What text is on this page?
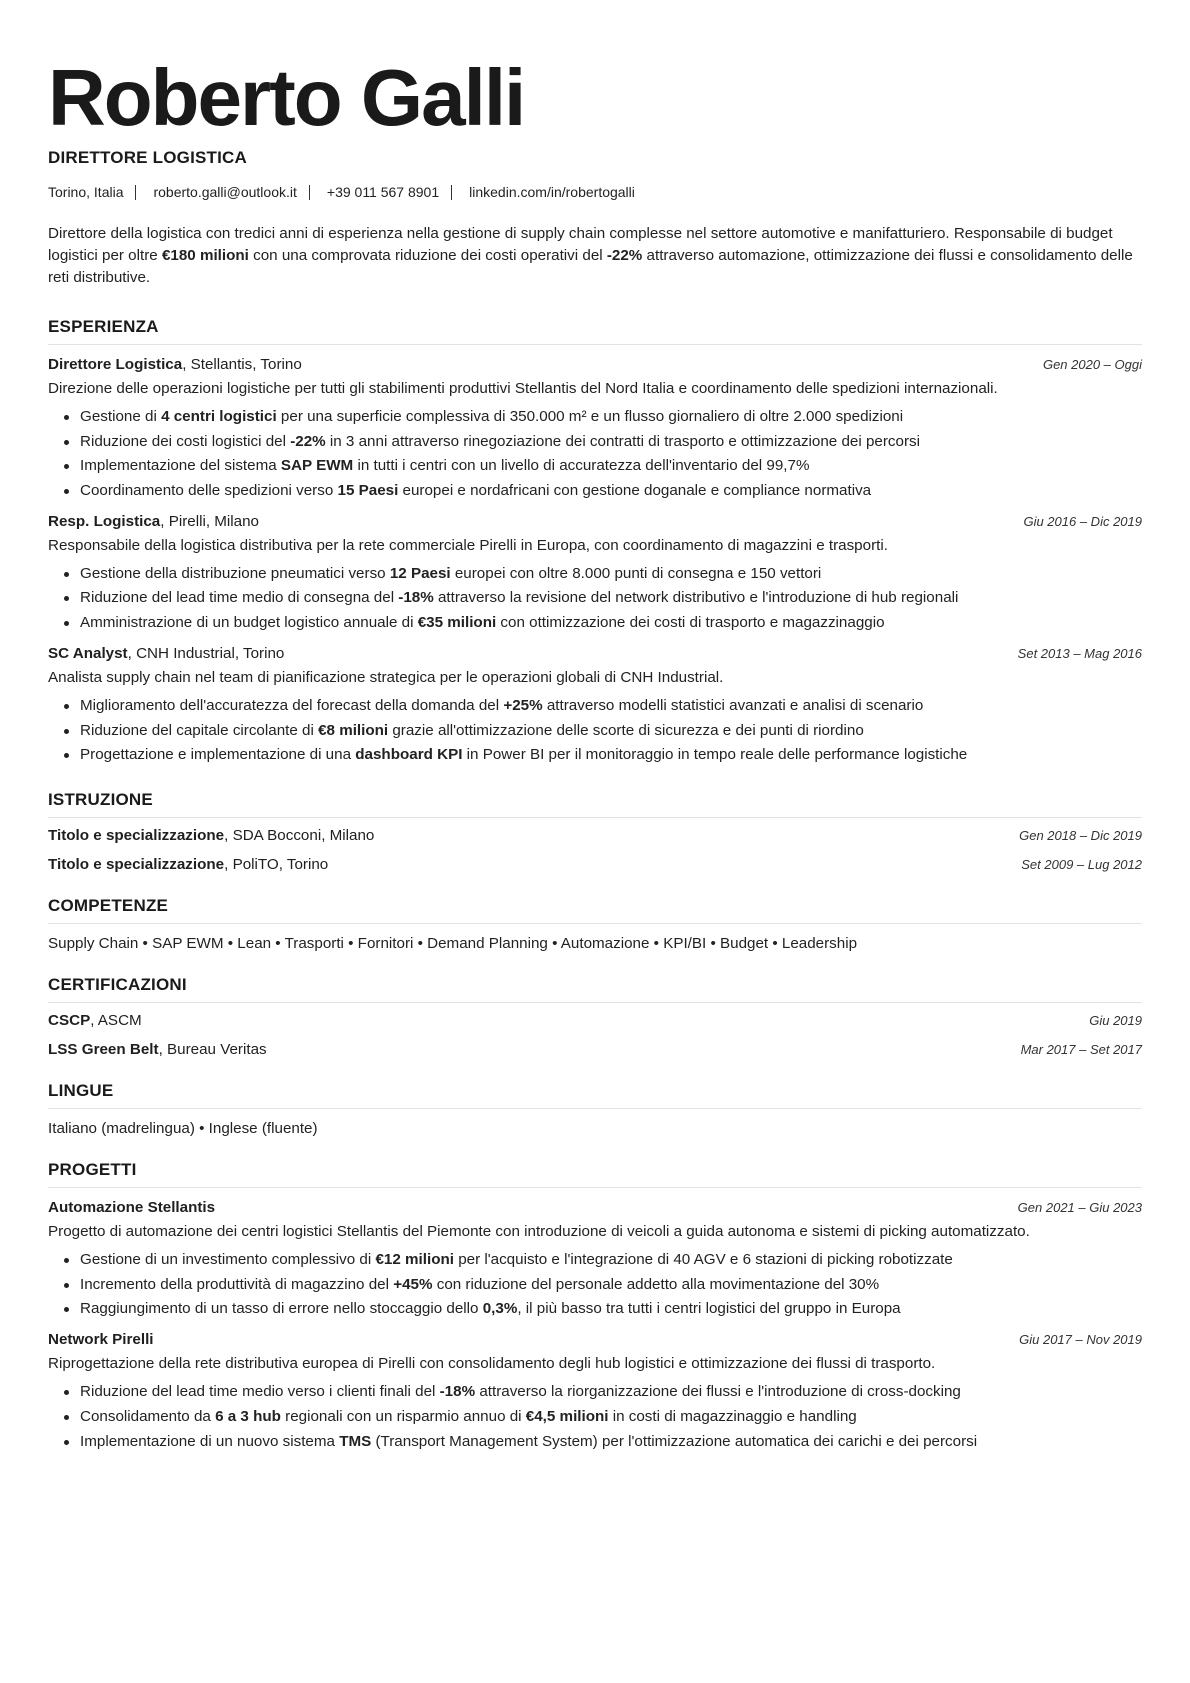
Roberto Galli
DIRETTORE LOGISTICA
Torino, Italia roberto.galli@outlook.it +39 011 567 8901 linkedin.com/in/robertogalli
Direttore della logistica con tredici anni di esperienza nella gestione di supply chain complesse nel settore automotive e manifatturiero. Responsabile di budget logistici per oltre €180 milioni con una comprovata riduzione dei costi operativi del -22% attraverso automazione, ottimizzazione dei flussi e consolidamento delle reti distributive.
ESPERIENZA
Direttore Logistica, Stellantis, Torino	Gen 2020 – Oggi
Direzione delle operazioni logistiche per tutti gli stabilimenti produttivi Stellantis del Nord Italia e coordinamento delle spedizioni internazionali.
Gestione di 4 centri logistici per una superficie complessiva di 350.000 m² e un flusso giornaliero di oltre 2.000 spedizioni
Riduzione dei costi logistici del -22% in 3 anni attraverso rinegoziazione dei contratti di trasporto e ottimizzazione dei percorsi
Implementazione del sistema SAP EWM in tutti i centri con un livello di accuratezza dell'inventario del 99,7%
Coordinamento delle spedizioni verso 15 Paesi europei e nordafricani con gestione doganale e compliance normativa
Resp. Logistica, Pirelli, Milano	Giu 2016 – Dic 2019
Responsabile della logistica distributiva per la rete commerciale Pirelli in Europa, con coordinamento di magazzini e trasporti.
Gestione della distribuzione pneumatici verso 12 Paesi europei con oltre 8.000 punti di consegna e 150 vettori
Riduzione del lead time medio di consegna del -18% attraverso la revisione del network distributivo e l'introduzione di hub regionali
Amministrazione di un budget logistico annuale di €35 milioni con ottimizzazione dei costi di trasporto e magazzinaggio
SC Analyst, CNH Industrial, Torino	Set 2013 – Mag 2016
Analista supply chain nel team di pianificazione strategica per le operazioni globali di CNH Industrial.
Miglioramento dell'accuratezza del forecast della domanda del +25% attraverso modelli statistici avanzati e analisi di scenario
Riduzione del capitale circolante di €8 milioni grazie all'ottimizzazione delle scorte di sicurezza e dei punti di riordino
Progettazione e implementazione di una dashboard KPI in Power BI per il monitoraggio in tempo reale delle performance logistiche
ISTRUZIONE
Titolo e specializzazione, SDA Bocconi, Milano	Gen 2018 – Dic 2019
Titolo e specializzazione, PoliTO, Torino	Set 2009 – Lug 2012
COMPETENZE
Supply Chain • SAP EWM • Lean • Trasporti • Fornitori • Demand Planning • Automazione • KPI/BI • Budget • Leadership
CERTIFICAZIONI
CSCP, ASCM	Giu 2019
LSS Green Belt, Bureau Veritas	Mar 2017 – Set 2017
LINGUE
Italiano (madrelingua) • Inglese (fluente)
PROGETTI
Automazione Stellantis	Gen 2021 – Giu 2023
Progetto di automazione dei centri logistici Stellantis del Piemonte con introduzione di veicoli a guida autonoma e sistemi di picking automatizzato.
Gestione di un investimento complessivo di €12 milioni per l'acquisto e l'integrazione di 40 AGV e 6 stazioni di picking robotizzate
Incremento della produttività di magazzino del +45% con riduzione del personale addetto alla movimentazione del 30%
Raggiungimento di un tasso di errore nello stoccaggio dello 0,3%, il più basso tra tutti i centri logistici del gruppo in Europa
Network Pirelli	Giu 2017 – Nov 2019
Riprogettazione della rete distributiva europea di Pirelli con consolidamento degli hub logistici e ottimizzazione dei flussi di trasporto.
Riduzione del lead time medio verso i clienti finali del -18% attraverso la riorganizzazione dei flussi e l'introduzione di cross-docking
Consolidamento da 6 a 3 hub regionali con un risparmio annuo di €4,5 milioni in costi di magazzinaggio e handling
Implementazione di un nuovo sistema TMS (Transport Management System) per l'ottimizzazione automatica dei carichi e dei percorsi
